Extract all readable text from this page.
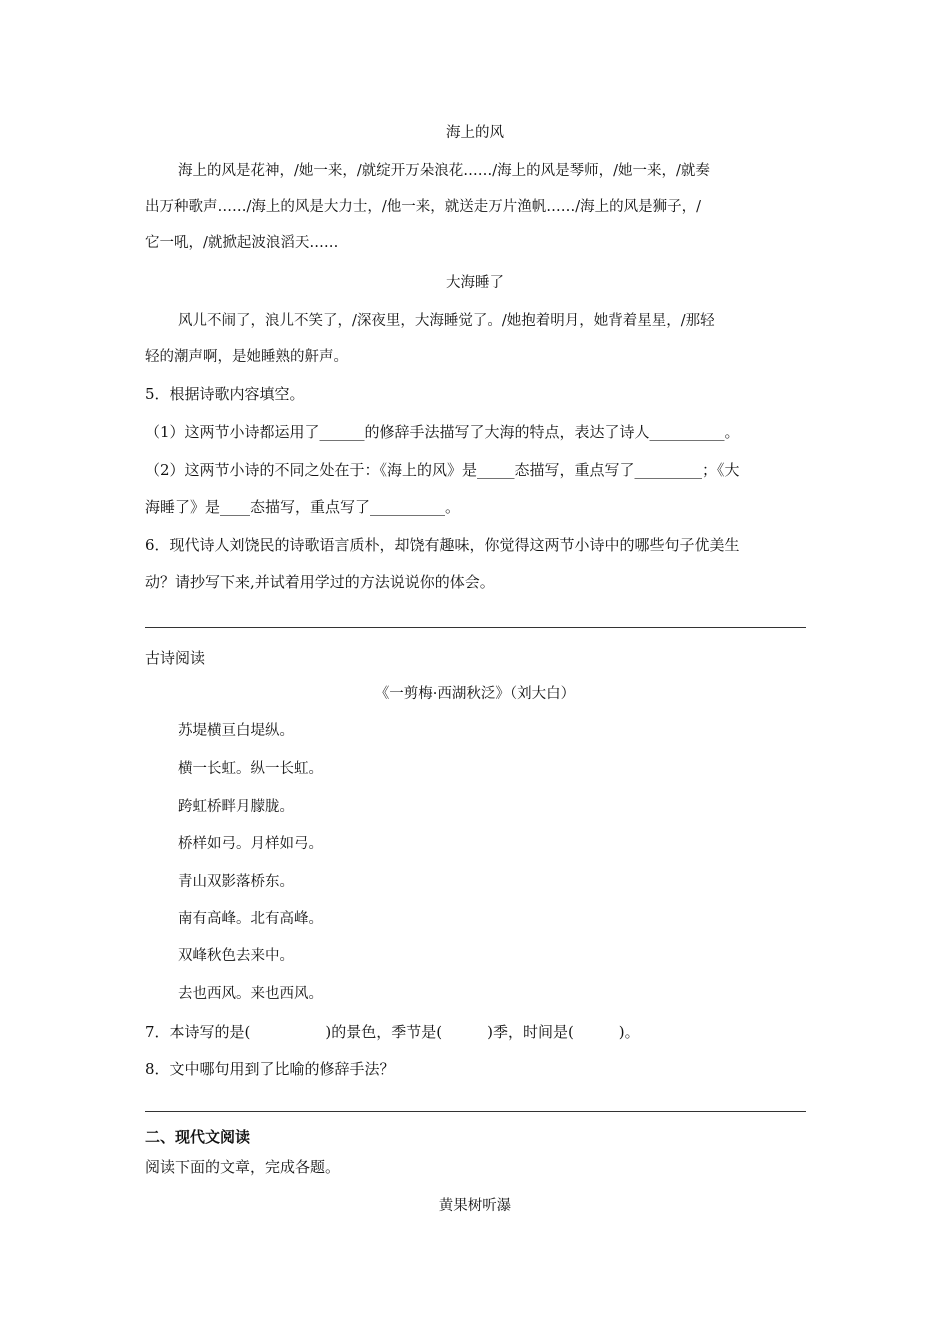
海上的风
海上的风是花神，/她一来，/就绽开万朵浪花……/海上的风是琴师，/她一来，/就奏
出万种歌声……/海上的风是大力士，/他一来，就送走万片渔帆……/海上的风是狮子，/
它一吼，/就掀起波浪滔天……
大海睡了
风儿不闹了，浪儿不笑了，/深夜里，大海睡觉了。/她抱着明月，她背着星星，/那轻
轻的潮声啊，是她睡熟的鼾声。
5．根据诗歌内容填空。
（1）这两节小诗都运用了______的修辞手法描写了大海的特点，表达了诗人__________。
（2）这两节小诗的不同之处在于：《海上的风》是_____态描写，重点写了_________；《大
海睡了》是____态描写，重点写了__________。
6．现代诗人刘饶民的诗歌语言质朴，却饶有趣味，你觉得这两节小诗中的哪些句子优美生
动？请抄写下来,并试着用学过的方法说说你的体会。
古诗阅读
《一剪梅·西湖秋泛》（刘大白）
苏堤横亘白堤纵。
横一长虹。纵一长虹。
跨虹桥畔月朦胧。
桥样如弓。月样如弓。
青山双影落桥东。
南有高峰。北有高峰。
双峰秋色去来中。
去也西风。来也西风。
7．本诗写的是(　　　　　)的景色，季节是(　　　)季，时间是(　　　)。
8．文中哪句用到了比喻的修辞手法？
二、现代文阅读
阅读下面的文章，完成各题。
黄果树听瀑
